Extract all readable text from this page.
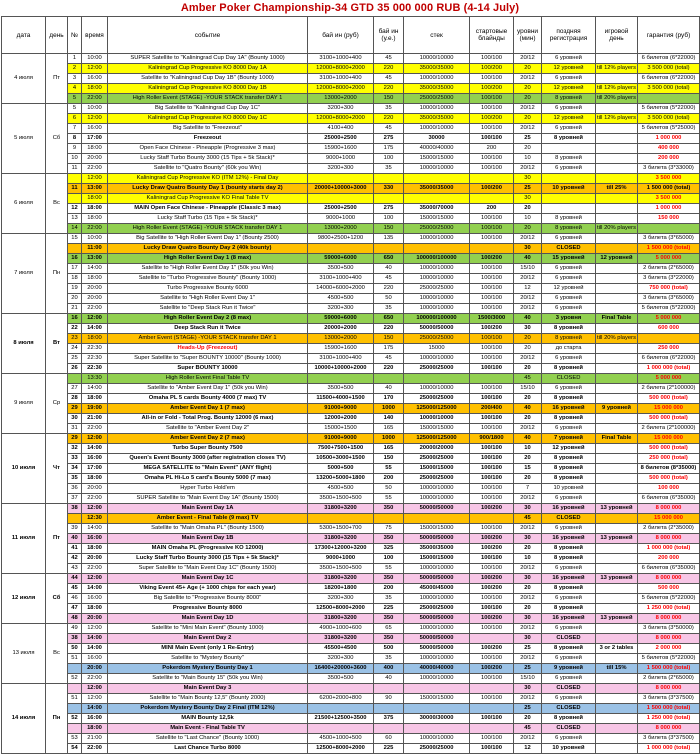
Amber Poker Championship-34 GTD 35 000 000 RUB (4-14 July)
дата	день	№	время	событие	бай ин (руб)	бай ин (у.е.)	стек	стартовые блайнды	уровни (мин)	поздняя регистрация	игровой день	гарантия (руб)
4 июля	Пт	1	10:00	SUPER Satellite to "Kaliningrad Cup Day 1A" (Bounty 1000)	3100+1000+400	45	10000/10000	100/100	20/12	6 уровней		6 билетов (6*22000)
		2	12:00	Kaliningrad Cup Progressive KO 8000 Day 1A	12000+8000+2000	220	35000/35000	100/200	20	12 уровней	till 12% players	3 500 000 (total)
		3	16:00	Satellite to "Kaliningrad Cup Day 1B" (Bounty 1000)	3100+1000+400	45	10000/10000	100/100	20/12	6 уровней		6 билетов (6*22000)
		4	18:00	Kaliningrad Cup Progressive KO 8000 Day 1B	12000+8000+2000	220	35000/35000	100/200	20	12 уровней	till 12% players	3 500 000 (total)
		5	22:00	High Roller Event (STAGE) -YOUR STACK transfer DAY 1	13000+2000	150	25000/25000	100/100	20	8 уровней	till 20% players	
5 июля	Сб	5	10:00	Big Satellite to "Kaliningrad Cup Day 1C"	3200+300	35	10000/10000	100/100	20/12	6 уровней		5 билетов (5*22000)
		6	12:00	Kaliningrad Cup Progressive KO 8000 Day 1C	12000+8000+2000	220	35000/35000	100/200	20	12 уровней	till 12% players	3 500 000 (total)
		7	16:00	Big Satellite to "Freezeout"	4100+400	45	10000/10000	100/100	20/12	6 уровней		5 билетов (5*25000)
		8	17:00	Freezeout	25000+2500	275	30000	100/100	25	8 уровней		1 000 000
		9	18:00	Open Face Chinese - Pineapple (Progressive 3 max)	15900+1600	175	40000/40000	200	20			400 000
		10	20:00	Lucky Staff Turbo Bounty 3000 (15 Tips + 5k Stack)*	9000+1000	100	15000/15000	100/100	10	8 уровней		200 000
		11	22:00	Satellite to "Quatro Bounty" (60k you Win)	3200+300	35	10000/10000	100/100	20/12	6 уровней		3 билета (3*33000)
6 июля	Вс		12:00	Kaliningrad Cup Progressive KO (ITM 12%) - Final Day					30			3 500 000
		11	13:00	Lucky Draw Quatro Bounty Day 1 (bounty starts day 2)	20000+10000+3000	330	35000/35000	100/200	25	10 уровней	till 25%	1 500 000 (total)
			18:00	Kaliningrad Cup Progressive KO Final Table TV					30			3 500 000
		12	18:00	MAIN Open Face Chinese - Pineapple (Classic 3 max)	25000+2500	275	35000/70000	200	20			1 000 000
		13	18:00	Lucky Staff Turbo (15 Tips + 5k Stack)*	9000+1000	100	15000/15000	100/100	10	8 уровней		150 000
		14	22:00	High Roller Event (STAGE) -YOUR STACK transfer DAY 1	13000+2000	150	25000/25000	100/100	20	8 уровней	till 20% players	
7 июля	Пн	15	10:00	Big Satellite to "High Roller Event Day 1" (Bounty 2500)	9800+2500+1200	135	10000/10000	100/100	20/12	6 уровней		3 билета (3*65000)
			11:00	Lucky Draw Quatro Bounty Day 2 (40k bounty)					30	CLOSED		1 500 000 (total)
		16	13:00	High Roller Event Day 1 (8 max)	59000+6000	650	100000/100000	100/200	40	15 уровней	12 уровней	5 000 000
		17	14:00	Satellite to "High Roller Event Day 1" (50k you Win)	3500+500	40	10000/10000	100/100	15/10	6 уровней		2 билета (2*65000)
		18	18:00	Satellite to "Turbo Progressive Bounty" (Bounty 1000)	3100+1000+400	45	10000/10000	100/100	20/12	6 уровней		3 билета (3*22000)
		19	20:00	Turbo Progressive Bounty 6000	14000+6000+2000	220	25000/25000	100/100	12	12 уровней		750 000 (total)
		20	20:00	Satellite to "High Roller Event Day 1"	4500+500	50	10000/10000	100/100	20/12	6 уровней		3 билета (3*65000)
		21	22:00	Satellite to "Deep Stack Run it Twice"	3200+300	35	10000/10000	100/100	20/12	6 уровней		5 билетов (5*22000)
8 июля	Вт	16	12:00	High Roller Event Day 2 (8 max)	59000+6000	650	100000/100000	1500/3000	40	3 уровня	Final Table	5 000 000
		22	14:00	Deep Stack Run it Twice	20000+2000	220	50000/50000	100/200	30	8 уровней		600 000
		23	18:00	Amber Event (STAGE) -YOUR STACK transfer DAY 1	13000+2000	150	25000/25000	100/100	20	8 уровней	till 20% players	
		24	22:30	Heads-Up (Freezeout)	15900+1600	175	15000	100/100	20	до старта		250 000
		25	22:30	Super Satellite to "Super BOUNTY 10000" (Bounty 1000)	3100+1000+400	45	10000/10000	100/100	20/12	6 уровней		6 билетов (6*22000)
		26	22:30	Super BOUNTY 10000	10000+10000+2000	220	25000/25000	100/100	20	8 уровней		1 000 000 (total)
9 июля	Ср		13:30	High Roller Event Final Table TV					45	CLOSED		5 000 000
		27	14:00	Satellite to "Amber Event Day 1" (50k you Win)	3500+500	40	10000/10000	100/100	15/10	6 уровней		2 билета (2*100000)
		28	18:00	Omaha PL 5 cards Bounty 4000 (7 max) TV	11500+4000+1500	170	25000/25000	100/100	20	8 уровней		500 000 (total)
		29	19:00	Amber Event Day 1 (7 max)	91000+9000	1000	125000/125000	200/400	40	16 уровней	9 уровней	15 000 000
		30	21:00	All-in or Fold - Total Prog. Bounty 12000 (6 max)	12000+2000	140	10000/10000	100/100	20	8 уровней		500 000 (total)
		31	22:00	Satellite to "Amber Event Day 2"	15000+1500	165	15000/15000	100/100	20/12	6 уровней		2 билета (2*100000)
10 июля	Чт	29	12:00	Amber Event Day 2 (7 max)	91000+9000	1000	125000/125000	900/1800	40	7 уровней	Final Table	15 000 000
		32	14:00	Turbo Super Bounty 7500	7500+7500+1500	165	20000/20000	100/100	10	12 уровней		500 000 (total)
		33	16:00	Queen's Event Bounty 3000 (after registration closes TV)	10500+3000+1500	150	25000/25000	100/100	20	8 уровней		250 000 (total)
		34	17:00	MEGA SATELLITE to "Main Event" (ANY flight)	5000+500	55	15000/15000	100/100	15	8 уровней		8 билетов (8*35000)
		35	18:00	Omaha PL Hi-Lo 5 card's Bounty 5000 (7 max)	13200+5000+1800	200	25000/25000	100/100	20	8 уровней		500 000 (total)
		36	20:00	Hyper Turbo Hold'em	4500+500	50	10000/10000	100/100	7	10 уровней		100 000
		37	22:00	SUPER Satellite to "Main Event Day 1A" (Bounty 1500)	3500+1500+500	55	10000/10000	100/100	20/12	6 уровней		6 билетов (6*35000)
11 июля	Пт	38	12:00	Main Event Day 1A	31800+3200	350	50000/50000	100/200	30	16 уровней	13 уровней	8 000 000
			12:30	Amber Event - Final Table (9 max) TV					45	CLOSED		15 000 000
		39	14:00	Satellite to "Main Omaha PL" (Bounty 1500)	5300+1500+700	75	15000/15000	100/100	20/12	6 уровней		2 билета (2*35000)
		40	16:00	Main Event Day 1B	31800+3200	350	50000/50000	100/200	30	16 уровней	13 уровней	8 000 000
		41	18:00	MAIN Omaha PL (Progressive KO 12000)	17300+12000+3200	325	35000/35000	100/200	20	8 уровней		1 000 000 (total)
		42	20:00	Lucky Staff Turbo Bounty 3000 (15 Tips + 5k Stack)*	9000+1000	100	15000/15000	100/100	10	8 уровней		200 000
		43	22:00	Super Satellite to "Main Event Day 1C" (Bounty 1500)	3500+1500+500	55	10000/10000	100/100	20/12	6 уровней		6 билетов (6*35000)
12 июля	Сб	44	12:00	Main Event Day 1C	31800+3200	350	50000/50000	100/200	30	16 уровней	13 уровней	8 000 000
		45	14:00	Viking Event 45+ Age (+ 1000 chips for each year)	18200+1800	200	45000/45000	100/200	20	8 уровней		500 000
		46	16:00	Big Satellite to "Progressive Bounty 8000"	3200+300	35	10000/10000	100/100	20/12	6 уровней		5 билетов (5*22000)
		47	18:00	Progressive Bounty 8000	12500+8000+2000	225	25000/25000	100/100	20	8 уровней		1 250 000 (total)
		48	20:00	Main Event Day 1D	31800+3200	350	50000/50000	100/200	30	16 уровней	13 уровней	8 000 000
13 июля	Вс	49	12:00	Satellite to "Mini Main Event" (Bounty 1000)	4900+1000+600	65	10000/10000	100/100	20/12	6 уровней		3 билета (3*50000)
		38	14:00	Main Event Day 2	31800+3200	350	50000/50000		30	CLOSED		8 000 000
		50	14:00	MINI Main Event (only 1 Re-Entry)	45500+4500	500	50000/50000	100/200	25	8 уровней	3 or 2 tables	2 000 000
		51	16:00	Satellite to "Mystery Bounty"	3200+300	35	10000/10000	100/100	20/12	6 уровней		5 билетов (5*22000)
			20:00	Pokerdom Mystery Bounty Day 1	16400+20000+3600	400	40000/40000	100/200	25	9 уровней	till 15%	1 500 000 (total)
		52	22:00	Satellite to "Main Bounty 15" (50k you Win)	3500+500	40	10000/10000	100/100	15/10	6 уровней		2 билета (2*65000)
14 июля	Пн		12:00	Main Event Day 3					30	CLOSED		8 000 000
		51	12:00	Satellite to "Main Bounty 12,5" (Bounty 2000)	6200+2000+800	90	15000/15000	100/100	20/12	6 уровней		3 билета (3*37500)
			14:00	Pokerdom Mystery Bounty Day 2 Final (ITM 12%)					25	CLOSED		1 500 000 (total)
		52	16:00	MAIN Bounty 12,5k	21500+12500+3500	375	30000/30000	100/100	20	8 уровней		1 250 000 (total)
			18:00	Main Event - Final Table TV					45	CLOSED		8 000 000
		53	21:00	Satellite to "Last Chance" (Bounty 1000)	4500+1000+500	60	10000/10000	100/100	20/12	6 уровней		3 билета (3*37500)
		54	22:00	Last Chance Turbo 8000	12500+8000+2000	225	25000/25000	100/100	12	10 уровней		1 000 000 (total)
